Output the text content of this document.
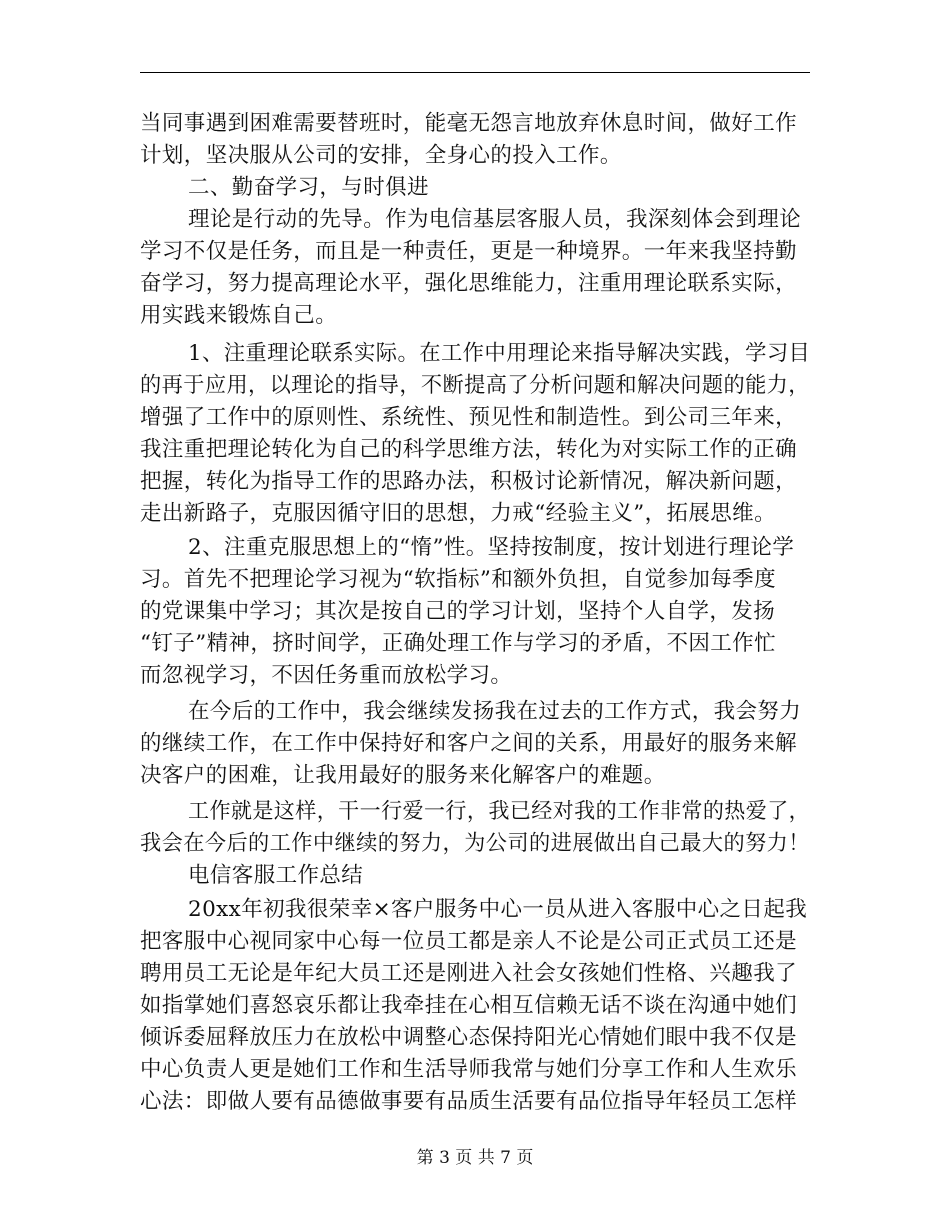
当同事遇到困难需要替班时，能毫无怨言地放弃休息时间，做好工作
计划，坚决服从公司的安排，全身心的投入工作。
二、勤奋学习，与时俱进
理论是行动的先导。作为电信基层客服人员，我深刻体会到理论
学习不仅是任务，而且是一种责任，更是一种境界。一年来我坚持勤
奋学习，努力提高理论水平，强化思维能力，注重用理论联系实际，
用实践来锻炼自己。
1、注重理论联系实际。在工作中用理论来指导解决实践，学习目
的再于应用，以理论的指导，不断提高了分析问题和解决问题的能力，
增强了工作中的原则性、系统性、预见性和制造性。到公司三年来，
我注重把理论转化为自己的科学思维方法，转化为对实际工作的正确
把握，转化为指导工作的思路办法，积极讨论新情况，解决新问题，
走出新路子，克服因循守旧的思想，力戒“经验主义”，拓展思维。
2、注重克服思想上的“惰”性。坚持按制度，按计划进行理论学
习。首先不把理论学习视为“软指标”和额外负担，自觉参加每季度
的党课集中学习；其次是按自己的学习计划，坚持个人自学，发扬
“钉子”精神，挤时间学，正确处理工作与学习的矛盾，不因工作忙
而忽视学习，不因任务重而放松学习。
在今后的工作中，我会继续发扬我在过去的工作方式，我会努力
的继续工作，在工作中保持好和客户之间的关系，用最好的服务来解
决客户的困难，让我用最好的服务来化解客户的难题。
工作就是这样，干一行爱一行，我已经对我的工作非常的热爱了，
我会在今后的工作中继续的努力，为公司的进展做出自己最大的努力！
电信客服工作总结
20xx年初我很荣幸×客户服务中心一员从进入客服中心之日起我
把客服中心视同家中心每一位员工都是亲人不论是公司正式员工还是
聘用员工无论是年纪大员工还是刚进入社会女孩她们性格、兴趣我了
如指掌她们喜怒哀乐都让我牵挂在心相互信赖无话不谈在沟通中她们
倾诉委屈释放压力在放松中调整心态保持阳光心情她们眼中我不仅是
中心负责人更是她们工作和生活导师我常与她们分享工作和人生欢乐
心法：即做人要有品德做事要有品质生活要有品位指导年轻员工怎样
第 3 页 共 7 页
